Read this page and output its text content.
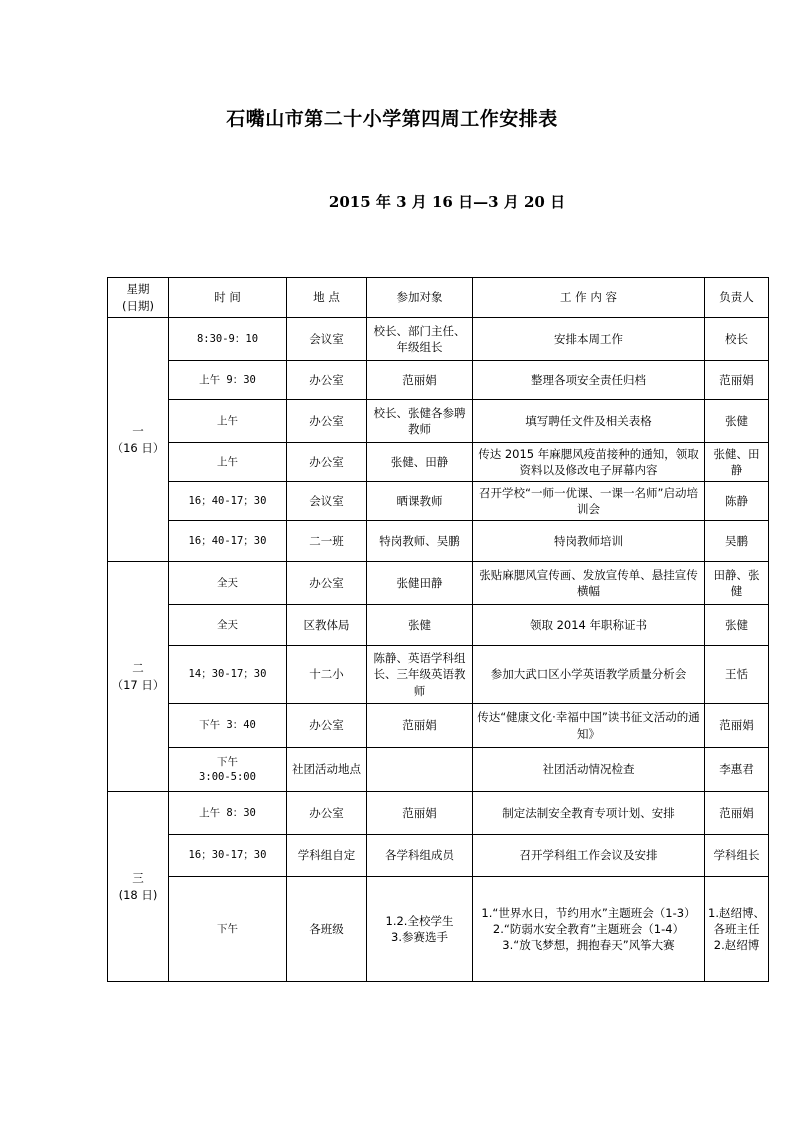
石嘴山市第二十小学第四周工作安排表
2015 年 3 月 16 日—3 月 20 日
星期
(日期)	时 间	地 点	参加对象	工 作 内 容	负责人

一
（16 日）	8:30-9：10	会议室	校长、部门主任、年级组长	安排本周工作	校长
	上午 9：30	办公室	范丽娟	整理各项安全责任归档	范丽娟
	上午	办公室	校长、张健各参聘教师	填写聘任文件及相关表格	张健
	上午	办公室	张健、田静	传达 2015 年麻腮风疫苗接种的通知，领取资料以及修改电子屏幕内容	张健、田静
	16；40-17；30	会议室	晒课教师	召开学校“一师一优课、一课一名师”启动培训会	陈静
	16；40-17；30	二一班	特岗教师、吴鹏	特岗教师培训	吴鹏

二
（17 日）	全天	办公室	张健田静	张贴麻腮风宣传画、发放宣传单、悬挂宣传横幅	田静、张健
	全天	区教体局	张健	领取 2014 年职称证书	张健
	14；30-17；30	十二小	陈静、英语学科组长、三年级英语教师	参加大武口区小学英语教学质量分析会	王恬
	下午 3：40	办公室	范丽娟	传达“健康文化·幸福中国”读书征文活动的通知》	范丽娟

	下午
3:00-5:00	社团活动地点		社团活动情况检查	李惠君

三
(18 日)	上午 8：30	办公室	范丽娟	制定法制安全教育专项计划、安排	范丽娟
	16；30-17；30	学科组自定	各学科组成员	召开学科组工作会议及安排	学科组长
	下午	各班级	1.2.全校学生
3.参赛选手	1.“世界水日，节约用水”主题班会（1-3）
2.“防弱水安全教育”主题班会（1-4）
3.“放飞梦想，拥抱春天”风筝大赛	1.赵绍博、各班主任
2.赵绍博
